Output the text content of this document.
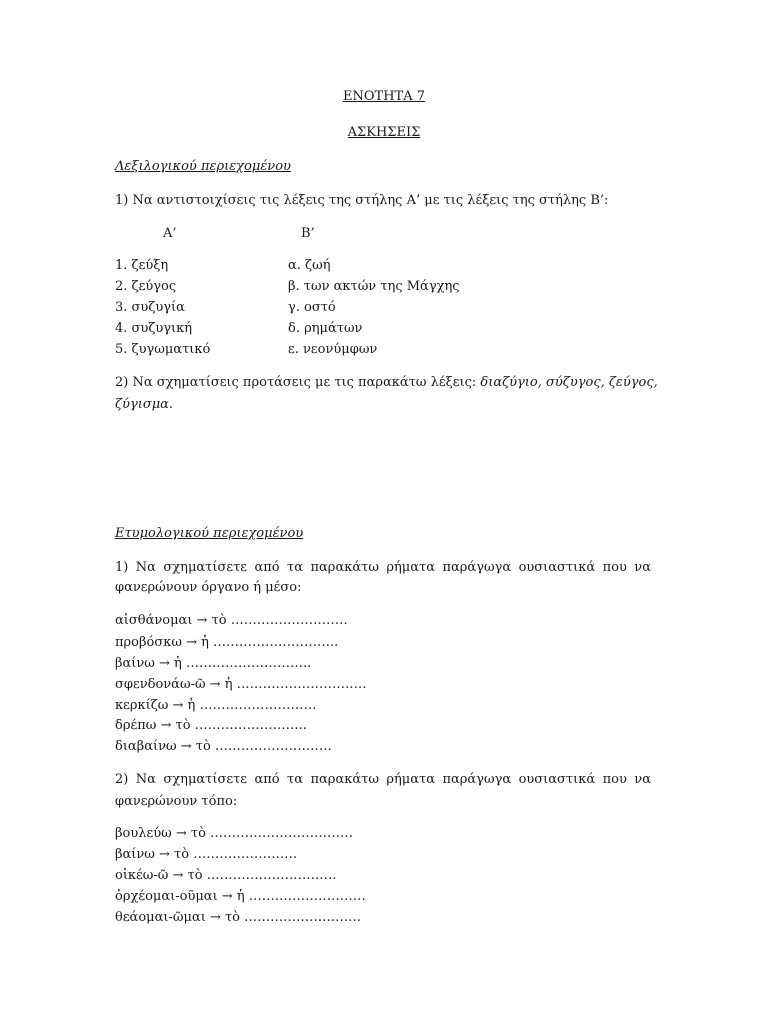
ΕΝΟΤΗΤΑ 7
ΑΣΚΗΣΕΙΣ
Λεξιλογικού περιεχομένου
1) Να αντιστοιχίσεις τις λέξεις της στήλης Α’ με τις λέξεις της στήλης Β’:
Α’	Β’
1. ζεύξη
2. ζεύγος
3. συζυγία
4. συζυγική
5. ζυγωματικό
α. ζωή
β. των ακτών της Μάγχης
γ. οστό
δ. ρημάτων
ε. νεονύμφων
2) Να σχηματίσεις προτάσεις με τις παρακάτω λέξεις: διαζύγιο, σύζυγος, ζεύγος,
ζύγισμα.
Ετυμολογικού περιεχομένου
1) Να σχηματίσετε από τα παρακάτω ρήματα παράγωγα ουσιαστικά που να
φανερώνουν όργανο ή μέσο:
αἰσθάνομαι → τὸ ………………………
προβόσκω → ἡ ………………………..
βαίνω → ἡ ………………………..
σφενδονάω-ῶ → ἡ …………………………
κερκίζω → ἡ ………………………
δρέπω → τὸ ……………………..
διαβαίνω → τὸ ………………………
2) Να σχηματίσετε από τα παρακάτω ρήματα παράγωγα ουσιαστικά που να
φανερώνουν τόπο:
βουλεύω → τὸ ……………………………
βαίνω → τὸ ……………………
οἰκέω-ῶ → τὸ …………………………
ὀρχέομαι-οῦμαι → ἡ ………………………
θεάομαι-ῶμαι → τὸ ………………………
